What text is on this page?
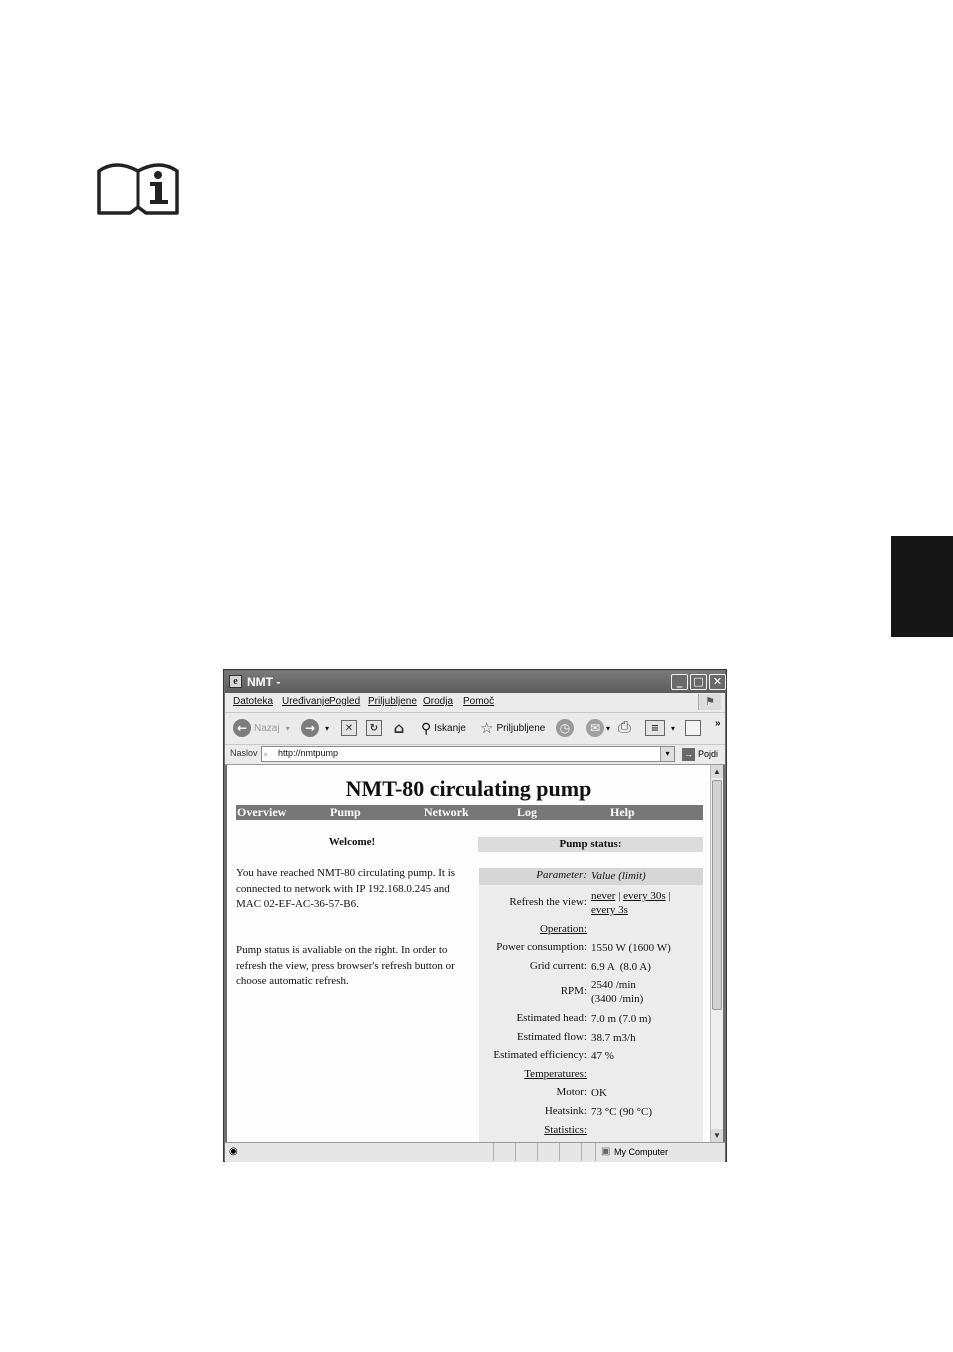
e NMT -	_	□ ✕
Datoteka Uređivanje Pogled Priljubljene Orodja Pomoč	⚑
← Nazaj ▾	→	▾	✕	↻ ⌂ ⚲ Iskanje ☆ Priljubljene	◷	✉ ▾ ⎙	≡	▾	»
Naslov ▫ http://nmtpump	▾	→ Pojdi
NMT-80 circulating pump
Overview	Pump	Network	Log	Help
Welcome!
You have reached NMT-80 circulating pump. It is connected to network with IP 192.168.0.245 and MAC 02-EF-AC-36-57-B6.
Pump status is avaliable on the right. In order to refresh the view, press browser's refresh button or choose automatic refresh.
Pump status:
Parameter: Value (limit)
Refresh the view: never | every 30s |
every 3s
Operation:
Power consumption: 1550 W (1600 W)
Grid current: 6.9 A  (8.0 A)
RPM: 2540 /min
(3400 /min)
Estimated head: 7.0 m (7.0 m)
Estimated flow: 38.7 m3/h
Estimated efficiency: 47 %
Temperatures:
Motor: OK
Heatsink: 73 °C (90 °C)
Statistics:
▲
▼
◉	▣ My Computer
